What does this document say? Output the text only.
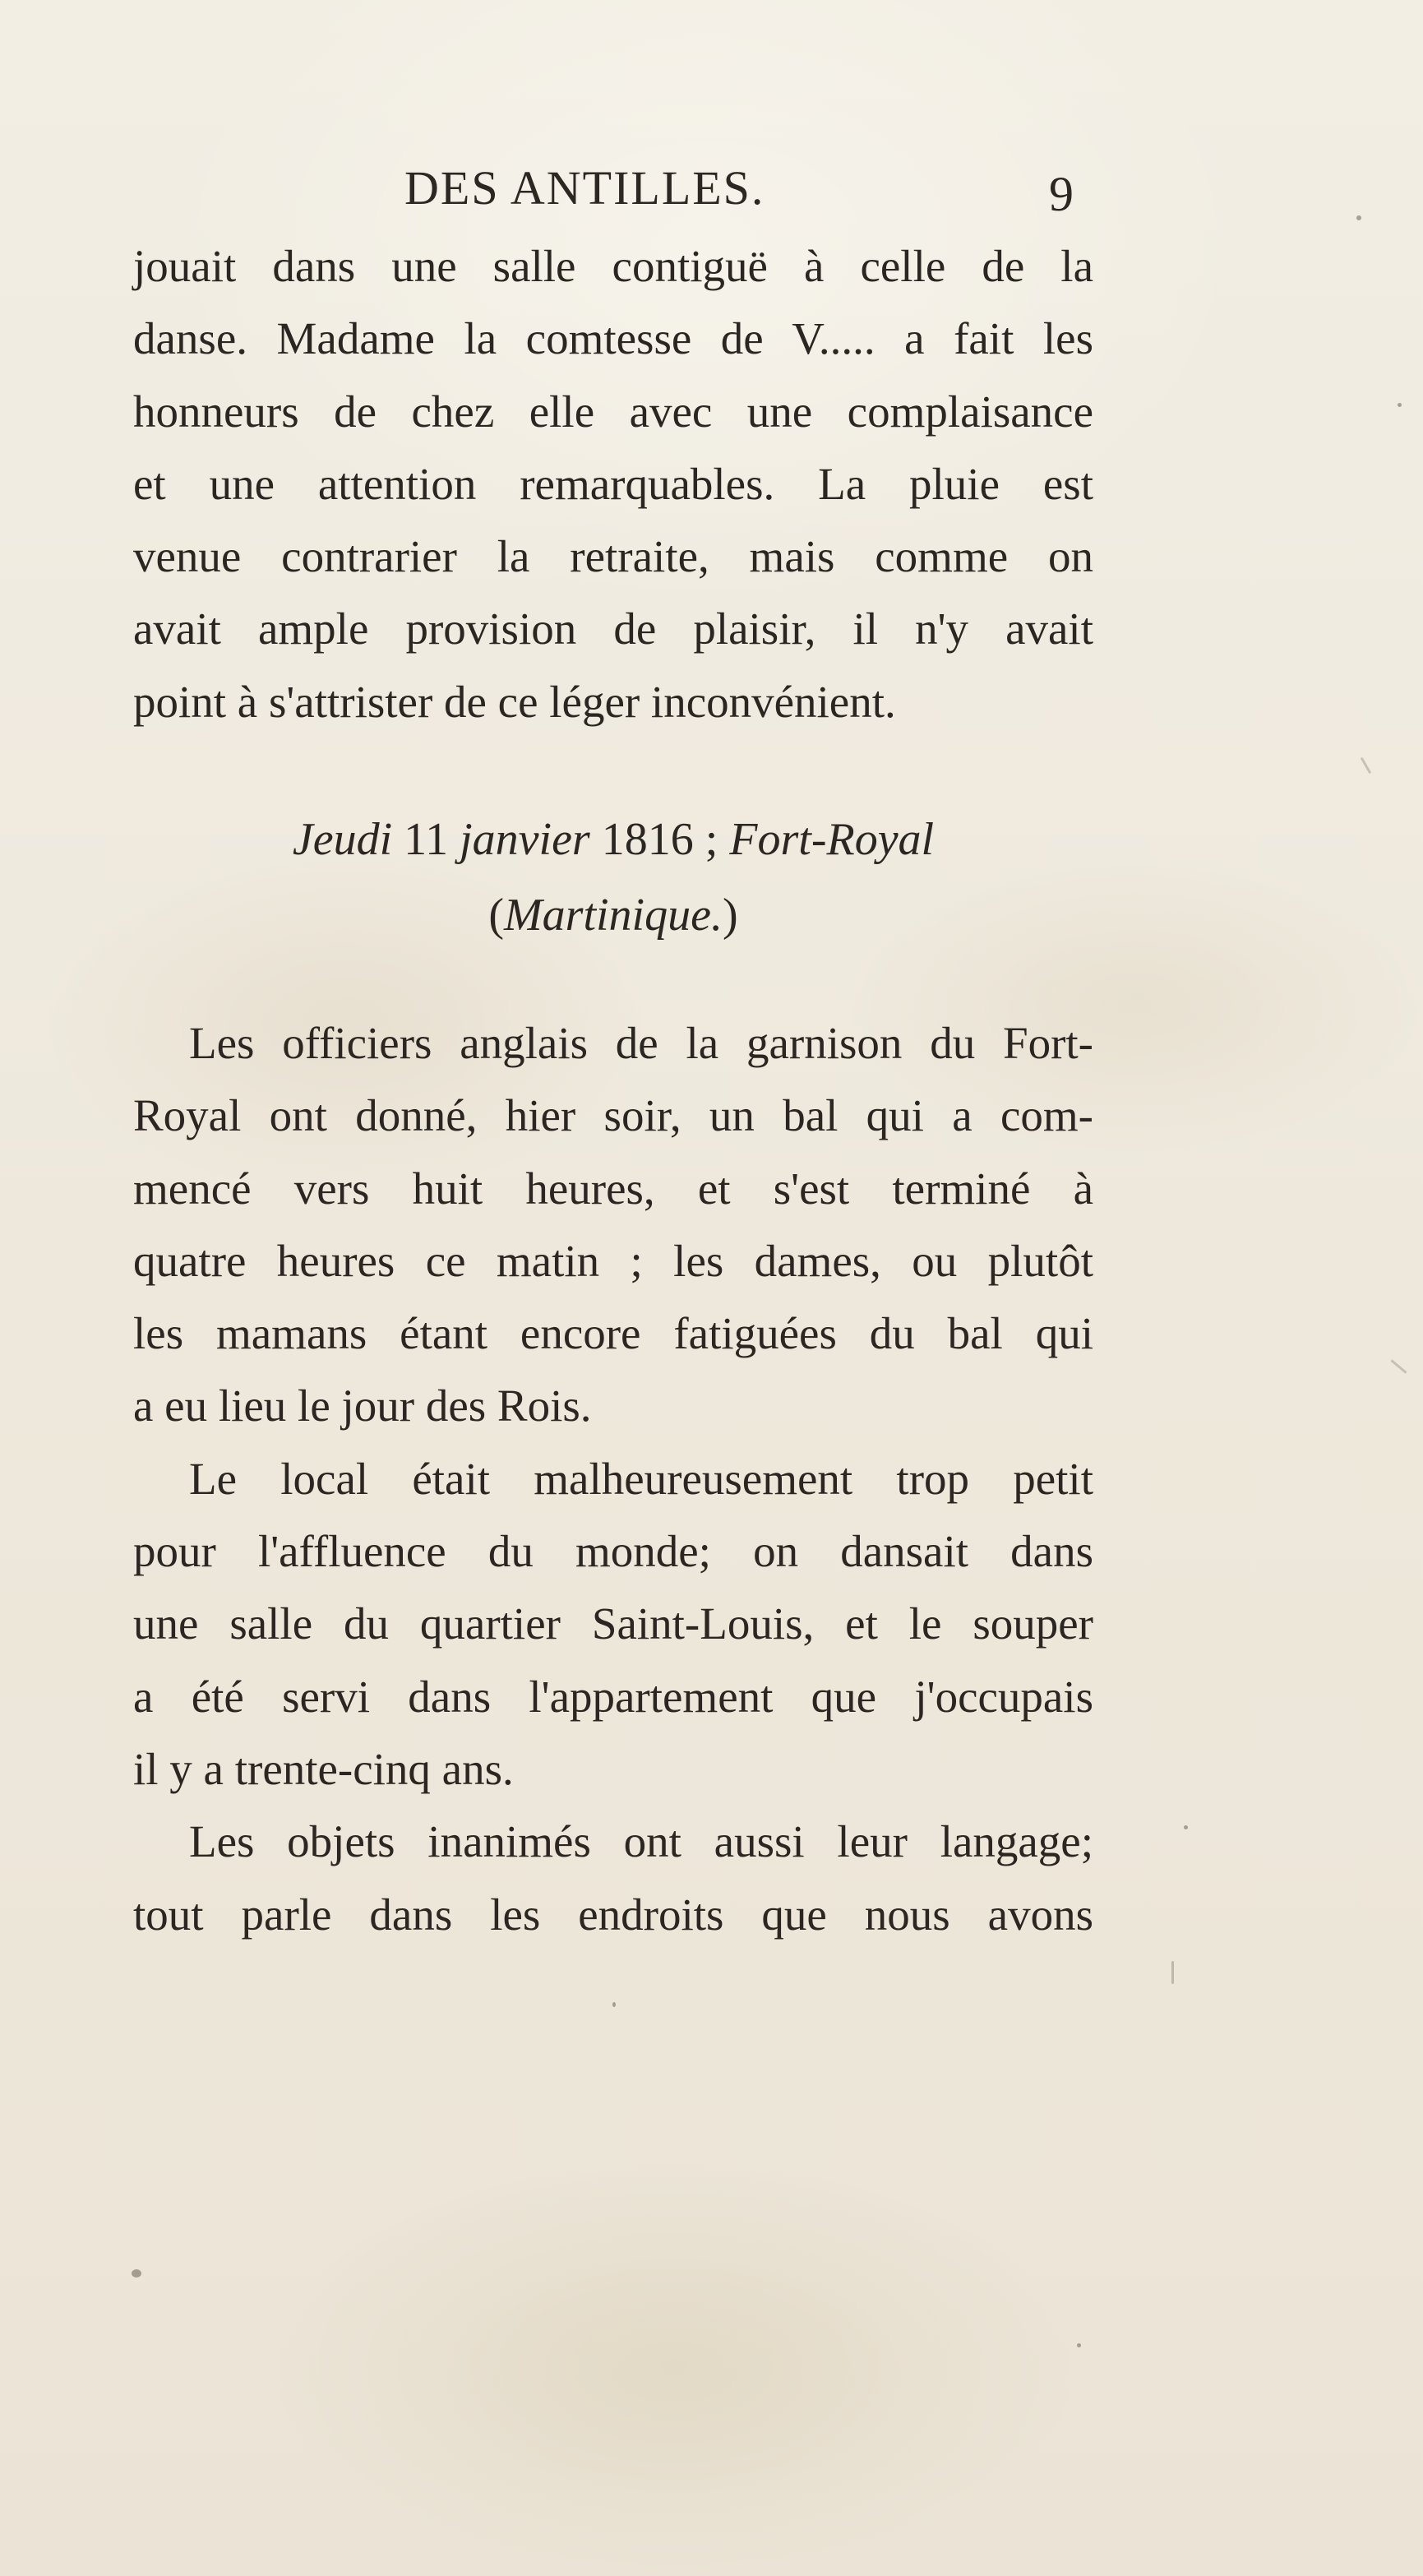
DES ANTILLES.	9
jouait dans une salle contiguë à celle de la
danse. Madame la comtesse de V..... a fait les
honneurs de chez elle avec une complaisance
et une attention remarquables. La pluie est
venue contrarier la retraite, mais comme on
avait ample provision de plaisir, il n'y avait
point à s'attrister de ce léger inconvénient.
Jeudi 11 janvier 1816 ; Fort-Royal
(Martinique.)
Les officiers anglais de la garnison du Fort-
Royal ont donné, hier soir, un bal qui a com-
mencé vers huit heures, et s'est terminé à
quatre heures ce matin ; les dames, ou plutôt
les mamans étant encore fatiguées du bal qui
a eu lieu le jour des Rois.
Le local était malheureusement trop petit
pour l'affluence du monde; on dansait dans
une salle du quartier Saint-Louis, et le souper
a été servi dans l'appartement que j'occupais
il y a trente-cinq ans.
Les objets inanimés ont aussi leur langage;
tout parle dans les endroits que nous avons
